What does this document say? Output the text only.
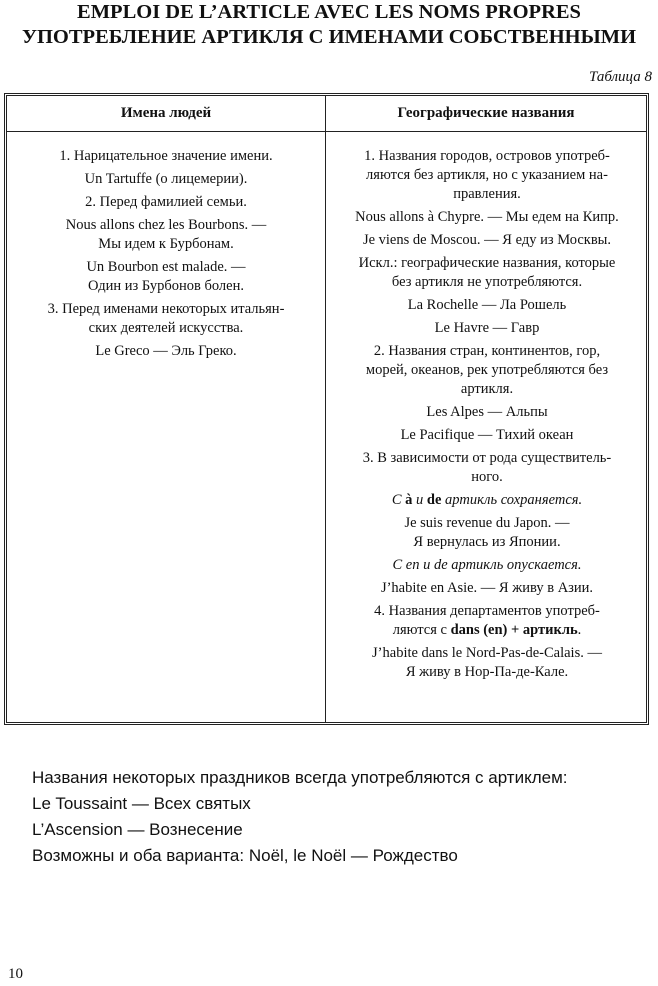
EMPLOI DE L’ARTICLE AVEC LES NOMS PROPRES
УПОТРЕБЛЕНИЕ АРТИКЛЯ С ИМЕНАМИ СОБСТВЕННЫМИ
Таблица 8
Имена людей	Географические названия

1. Нарицательное значение имени.

Un Tartuffe (о лицемерии).

2. Перед фамилией семьи.

Nous allons chez les Bourbons. —
Мы идем к Бурбонам.

Un Bourbon est malade. —
Один из Бурбонов болен.

3. Перед именами некоторых итальян-
ских деятелей искусства.

Le Greco — Эль Греко.

1. Названия городов, островов употреб-
ляются без артикля, но с указанием на-
правления.

Nous allons à Chypre. — Мы едем на Кипр.

Je viens de Moscou. — Я еду из Москвы.

Искл.: географические названия, которые
без артикля не употребляются.

La Rochelle — Ла Рошель

Le Havre — Гавр

2. Названия стран, континентов, гор,
морей, океанов, рек употребляются без
артикля.

Les Alpes — Альпы

Le Pacifique — Тихий океан

3. В зависимости от рода существитель-
ного.

С à и de артикль сохраняется.

Je suis revenue du Japon. —
Я вернулась из Японии.

С en и de артикль опускается.

J’habite en Asie. — Я живу в Азии.

4. Названия департаментов употреб-
ляются с dans (en) + артикль.

J’habite dans le Nord-Pas-de-Calais. —
Я живу в Нор-Па-де-Кале.

Названия некоторых праздников всегда употребляются с артиклем:
Le Toussaint — Всех святых
L’Ascension — Вознесение
Возможны и оба варианта: Noël, le Noël — Рождество
10
